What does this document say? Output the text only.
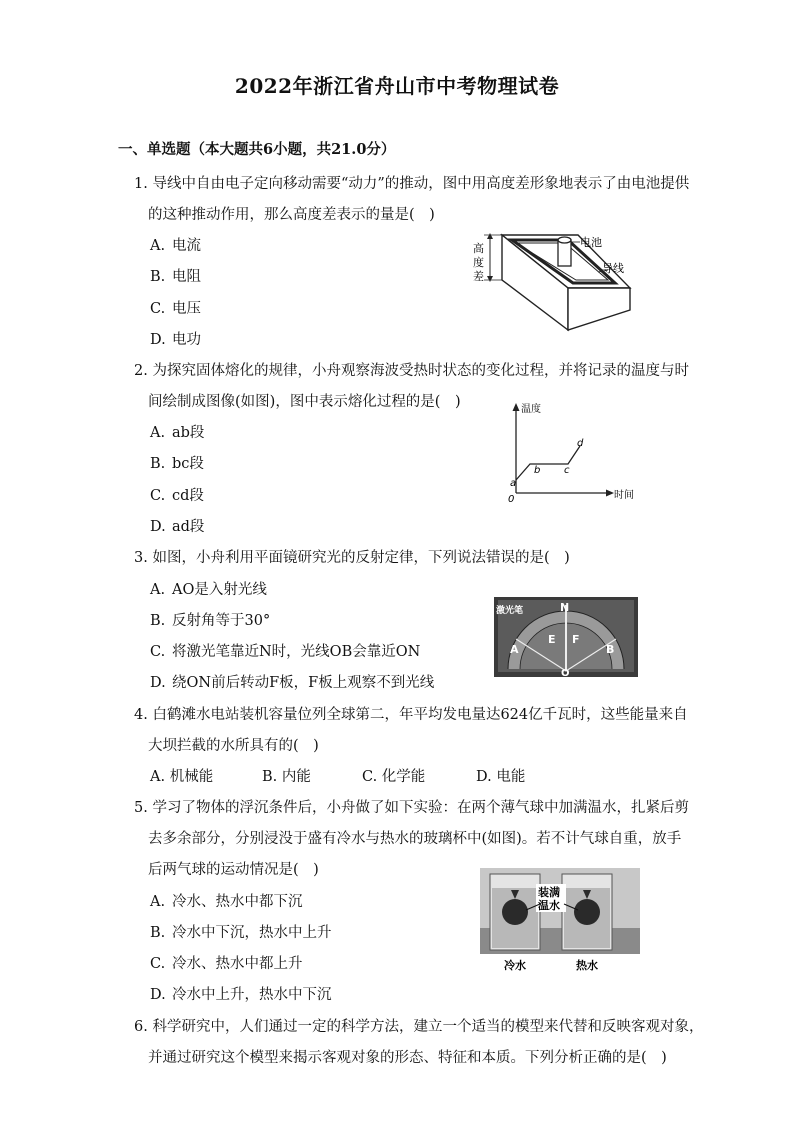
2022年浙江省舟山市中考物理试卷
一、单选题（本大题共6小题，共21.0分）
1. 导线中自由电子定向移动需要“动力”的推动，图中用高度差形象地表示了由电池提供
的这种推动作用，那么高度差表示的量是(　)
A. 电流
B. 电阻
C. 电压
D. 电功
高
度
差
电池
导线
2. 为探究固体熔化的规律，小舟观察海波受热时状态的变化过程，并将记录的温度与时
间绘制成图像(如图)，图中表示熔化过程的是(　)
A. ab段
B. bc段
C. cd段
D. ad段
温度
时间
0
a
b c
d
3. 如图，小舟利用平面镜研究光的反射定律，下列说法错误的是(　)
A. AO是入射光线
B. 反射角等于30°
C. 将激光笔靠近N时，光线OB会靠近ON
D. 绕ON前后转动F板，F板上观察不到光线
激光笔	N
E F
A	B
O
4. 白鹤滩水电站装机容量位列全球第二，年平均发电量达624亿千瓦时，这些能量来自
大坝拦截的水所具有的(　)
A. 机械能	B. 内能	C. 化学能	D. 电能
5. 学习了物体的浮沉条件后，小舟做了如下实验：在两个薄气球中加满温水，扎紧后剪
去多余部分，分别浸没于盛有冷水与热水的玻璃杯中(如图)。若不计气球自重，放手
后两气球的运动情况是(　)
A. 冷水、热水中都下沉
B. 冷水中下沉，热水中上升
C. 冷水、热水中都上升
D. 冷水中上升，热水中下沉
装满
温水
冷水	热水
6. 科学研究中，人们通过一定的科学方法，建立一个适当的模型来代替和反映客观对象，
并通过研究这个模型来揭示客观对象的形态、特征和本质。下列分析正确的是(　)
